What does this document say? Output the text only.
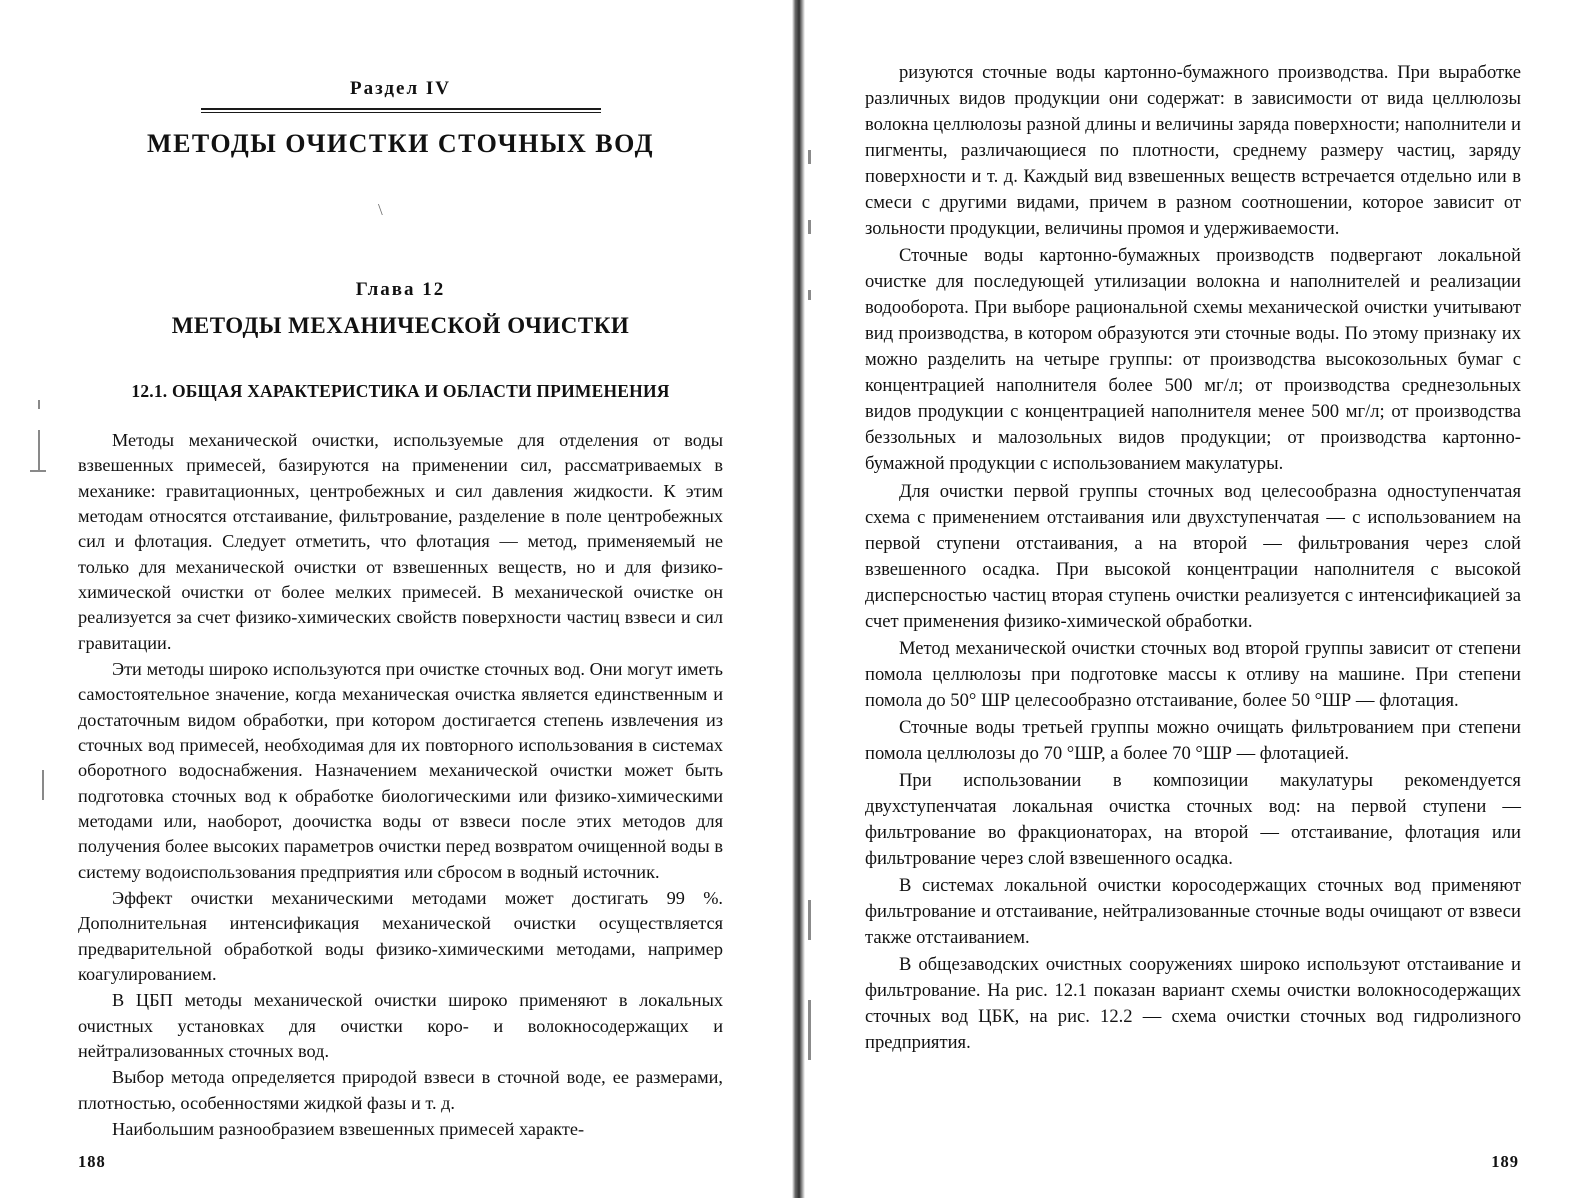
Раздел IV
МЕТОДЫ ОЧИСТКИ СТОЧНЫХ ВОД
\
Глава 12
МЕТОДЫ МЕХАНИЧЕСКОЙ ОЧИСТКИ
12.1. ОБЩАЯ ХАРАКТЕРИСТИКА И ОБЛАСТИ ПРИМЕНЕНИЯ

Методы механической очистки, используемые для отделения от воды взвешенных примесей, базируются на применении сил, рассматриваемых в механике: гравитационных, центробежных и сил давления жидкости. К этим методам относятся отстаивание, фильтрование, разделение в поле центробежных сил и флотация. Следует отметить, что флотация — метод, применяемый не только для механической очистки от взвешенных веществ, но и для физико-химической очистки от более мелких примесей. В механической очистке он реализуется за счет физико-химических свойств поверхности частиц взвеси и сил гравитации.

Эти методы широко используются при очистке сточных вод. Они могут иметь самостоятельное значение, когда механическая очистка является единственным и достаточным видом обработки, при котором достигается степень извлечения из сточных вод примесей, необходимая для их повторного использования в системах оборотного водоснабжения. Назначением механической очистки может быть подготовка сточных вод к обработке биологическими или физико-химическими методами или, наоборот, доочистка воды от взвеси после этих методов для получения более высоких параметров очистки перед возвратом очищенной воды в систему водоиспользования предприятия или сбросом в водный источник.

Эффект очистки механическими методами может достигать 99 %. Дополнительная интенсификация механической очистки осуществляется предварительной обработкой воды физико-химическими методами, например коагулированием.

В ЦБП методы механической очистки широко применяют в локальных очистных установках для очистки коро- и волокносодержащих и нейтрализованных сточных вод.

Выбор метода определяется природой взвеси в сточной воде, ее размерами, плотностью, особенностями жидкой фазы и т. д.

Наибольшим разнообразием взвешенных примесей характе-

188

ризуются сточные воды картонно-бумажного производства. При выработке различных видов продукции они содержат: в зависимости от вида целлюлозы волокна целлюлозы разной длины и величины заряда поверхности; наполнители и пигменты, различающиеся по плотности, среднему размеру частиц, заряду поверхности и т. д. Каждый вид взвешенных веществ встречается отдельно или в смеси с другими видами, причем в разном соотношении, которое зависит от зольности продукции, величины промоя и удерживаемости.

Сточные воды картонно-бумажных производств подвергают локальной очистке для последующей утилизации волокна и наполнителей и реализации водооборота. При выборе рациональной схемы механической очистки учитывают вид производства, в котором образуются эти сточные воды. По этому признаку их можно разделить на четыре группы: от производства высокозольных бумаг с концентрацией наполнителя более 500 мг/л; от производства среднезольных видов продукции с концентрацией наполнителя менее 500 мг/л; от производства беззольных и малозольных видов продукции; от производства картонно-бумажной продукции с использованием макулатуры.

Для очистки первой группы сточных вод целесообразна одноступенчатая схема с применением отстаивания или двухступенчатая — с использованием на первой ступени отстаивания, а на второй — фильтрования через слой взвешенного осадка. При высокой концентрации наполнителя с высокой дисперсностью частиц вторая ступень очистки реализуется с интенсификацией за счет применения физико-химической обработки.

Метод механической очистки сточных вод второй группы зависит от степени помола целлюлозы при подготовке массы к отливу на машине. При степени помола до 50° ШР целесообразно отстаивание, более 50 °ШР — флотация.

Сточные воды третьей группы можно очищать фильтрованием при степени помола целлюлозы до 70 °ШР, а более 70 °ШР — флотацией.

При использовании в композиции макулатуры рекомендуется двухступенчатая локальная очистка сточных вод: на первой ступени — фильтрование во фракционаторах, на второй — отстаивание, флотация или фильтрование через слой взвешенного осадка.

В системах локальной очистки коросодержащих сточных вод применяют фильтрование и отстаивание, нейтрализованные сточные воды очищают от взвеси также отстаиванием.

В общезаводских очистных сооружениях широко используют отстаивание и фильтрование. На рис. 12.1 показан вариант схемы очистки волокносодержащих сточных вод ЦБК, на рис. 12.2 — схема очистки сточных вод гидролизного предприятия.

189
